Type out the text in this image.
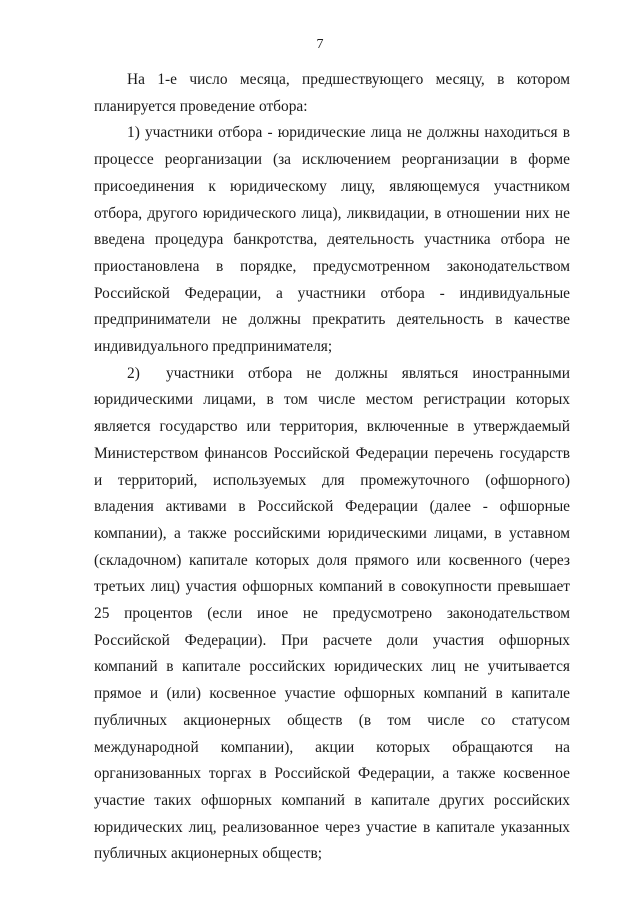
7

На 1-е число месяца, предшествующего месяцу, в котором планируется проведение отбора:

1) участники отбора - юридические лица не должны находиться в процессе реорганизации (за исключением реорганизации в форме присоединения к юридическому лицу, являющемуся участником отбора, другого юридического лица), ликвидации, в отношении них не введена процедура банкротства, деятельность участника отбора не приостановлена в порядке, предусмотренном законодательством Российской Федерации, а участники отбора - индивидуальные предприниматели не должны прекратить деятельность в качестве индивидуального предпринимателя;

2) участники отбора не должны являться иностранными юридическими лицами, в том числе местом регистрации которых является государство или территория, включенные в утверждаемый Министерством финансов Российской Федерации перечень государств и территорий, используемых для промежуточного (офшорного) владения активами в Российской Федерации (далее - офшорные компании), а также российскими юридическими лицами, в уставном (складочном) капитале которых доля прямого или косвенного (через третьих лиц) участия офшорных компаний в совокупности превышает 25 процентов (если иное не предусмотрено законодательством Российской Федерации). При расчете доли участия офшорных компаний в капитале российских юридических лиц не учитывается прямое и (или) косвенное участие офшорных компаний в капитале публичных акционерных обществ (в том числе со статусом международной компании), акции которых обращаются на организованных торгах в Российской Федерации, а также косвенное участие таких офшорных компаний в капитале других российских юридических лиц, реализованное через участие в капитале указанных публичных акционерных обществ;
